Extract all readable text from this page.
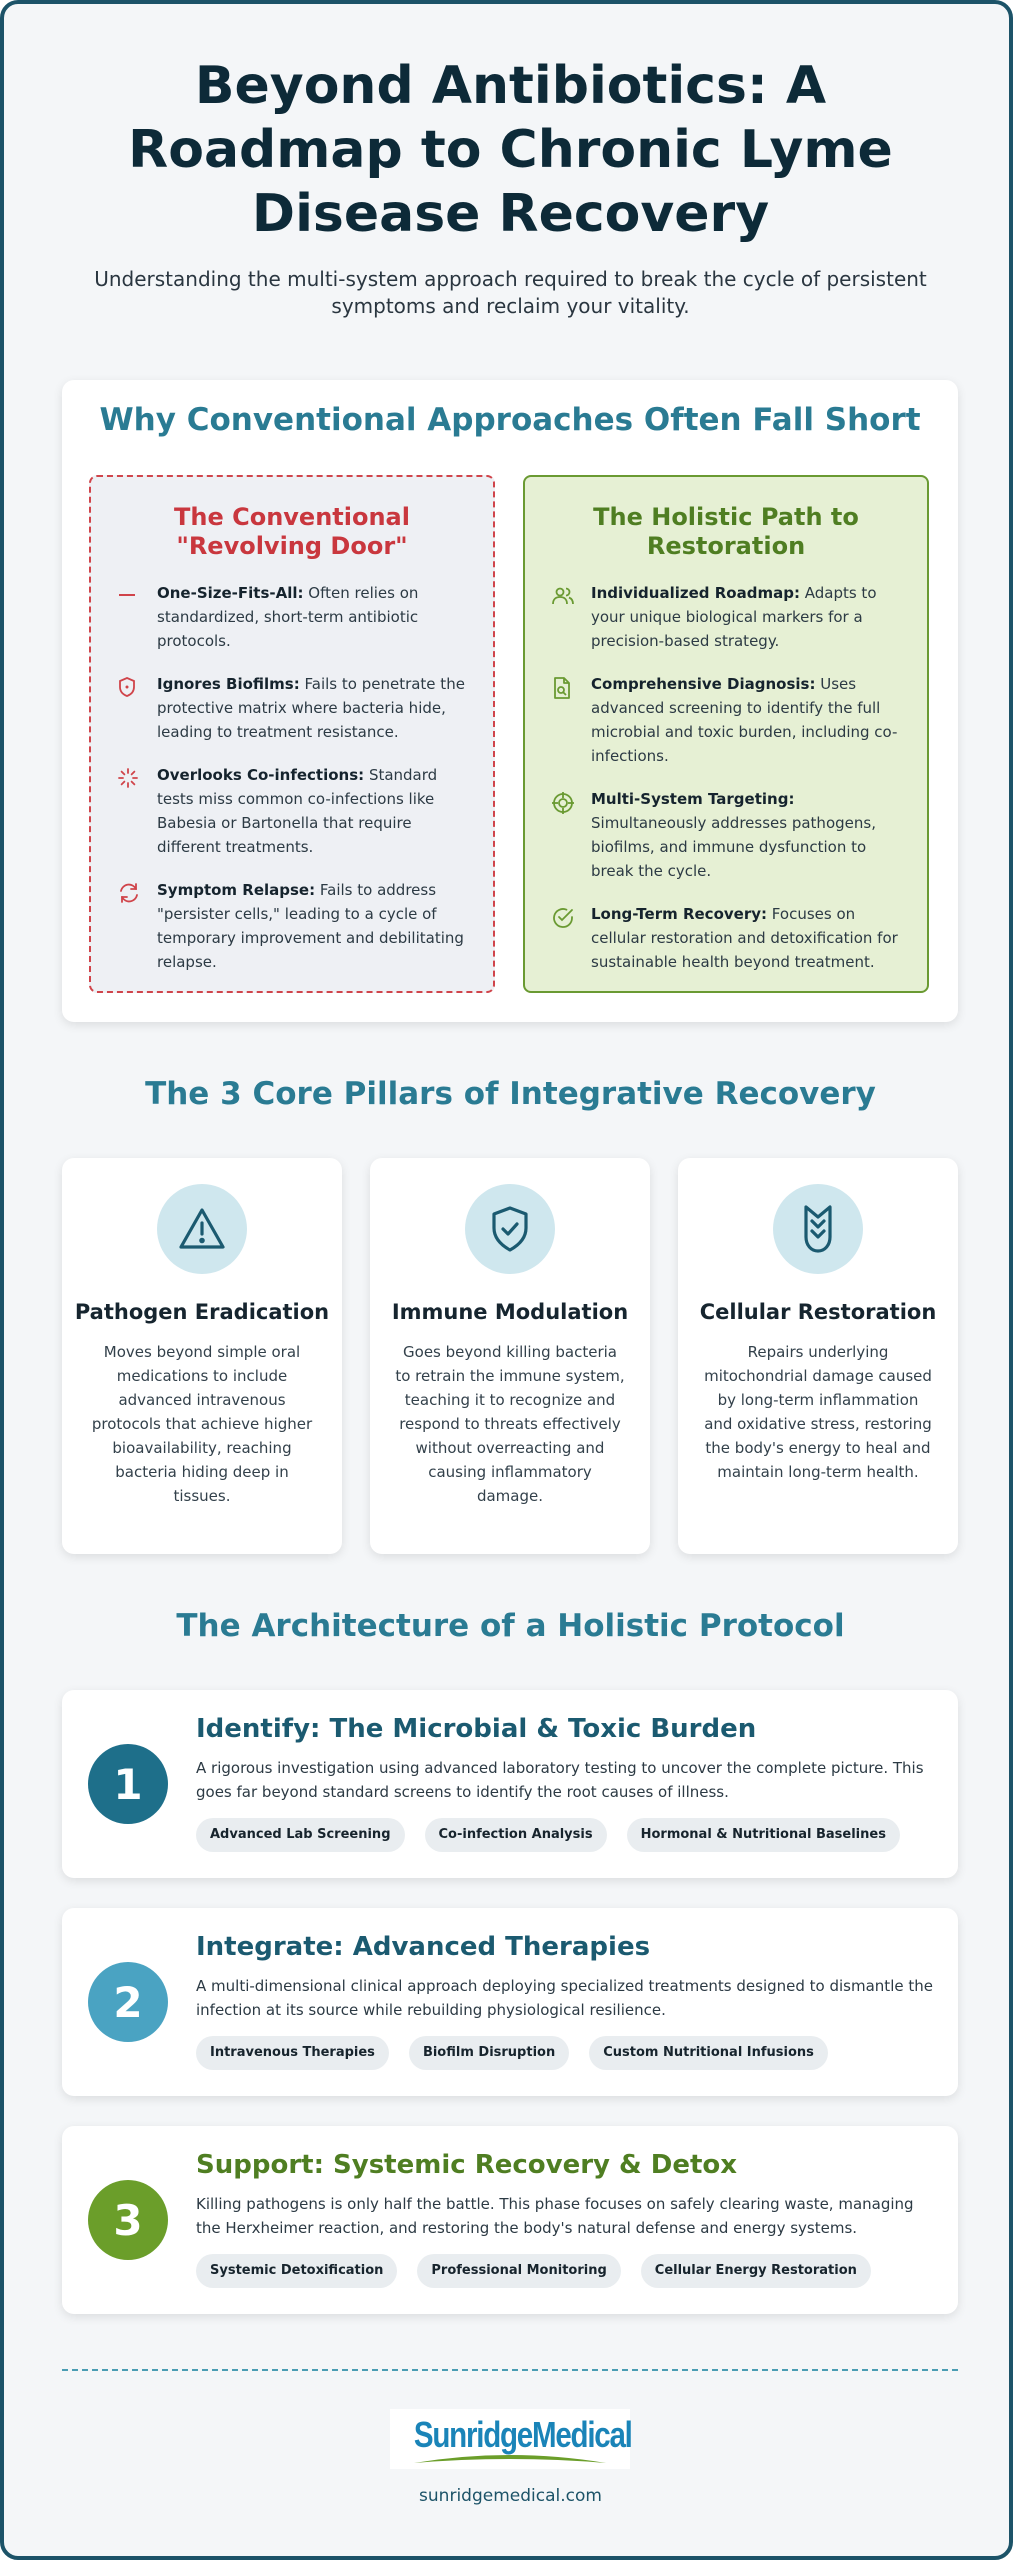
Beyond Antibiotics: A Roadmap to Chronic Lyme Disease Recovery

Understanding the multi-system approach required to break the cycle of persistent symptoms and reclaim your vitality.

Why Conventional Approaches Often Fall Short
The Conventional "Revolving Door"
One-Size-Fits-All: Often relies on standardized, short-term antibiotic protocols.
Ignores Biofilms: Fails to penetrate the protective matrix where bacteria hide, leading to treatment resistance.
Overlooks Co-infections: Standard tests miss common co-infections like Babesia or Bartonella that require different treatments.
Symptom Relapse: Fails to address "persister cells," leading to a cycle of temporary improvement and debilitating relapse.
The Holistic Path to Restoration
Individualized Roadmap: Adapts to your unique biological markers for a precision-based strategy.
Comprehensive Diagnosis: Uses advanced screening to identify the full microbial and toxic burden, including co-infections.
Multi-System Targeting: Simultaneously addresses pathogens, biofilms, and immune dysfunction to break the cycle.
Long-Term Recovery: Focuses on cellular restoration and detoxification for sustainable health beyond treatment.
The 3 Core Pillars of Integrative Recovery
Pathogen Eradication
Moves beyond simple oral medications to include advanced intravenous protocols that achieve higher bioavailability, reaching bacteria hiding deep in tissues.
Immune Modulation
Goes beyond killing bacteria to retrain the immune system, teaching it to recognize and respond to threats effectively without overreacting and causing inflammatory damage.
Cellular Restoration
Repairs underlying mitochondrial damage caused by long-term inflammation and oxidative stress, restoring the body's energy to heal and maintain long-term health.
The Architecture of a Holistic Protocol
1
Identify: The Microbial & Toxic Burden
A rigorous investigation using advanced laboratory testing to uncover the complete picture. This goes far beyond standard screens to identify the root causes of illness.
Advanced Lab Screening	Co-infection Analysis	Hormonal & Nutritional Baselines
2
Integrate: Advanced Therapies
A multi-dimensional clinical approach deploying specialized treatments designed to dismantle the infection at its source while rebuilding physiological resilience.
Intravenous Therapies	Biofilm Disruption	Custom Nutritional Infusions
3
Support: Systemic Recovery & Detox
Killing pathogens is only half the battle. This phase focuses on safely clearing waste, managing the Herxheimer reaction, and restoring the body's natural defense and energy systems.
Systemic Detoxification	Professional Monitoring	Cellular Energy Restoration
SunridgeMedical
sunridgemedical.com
